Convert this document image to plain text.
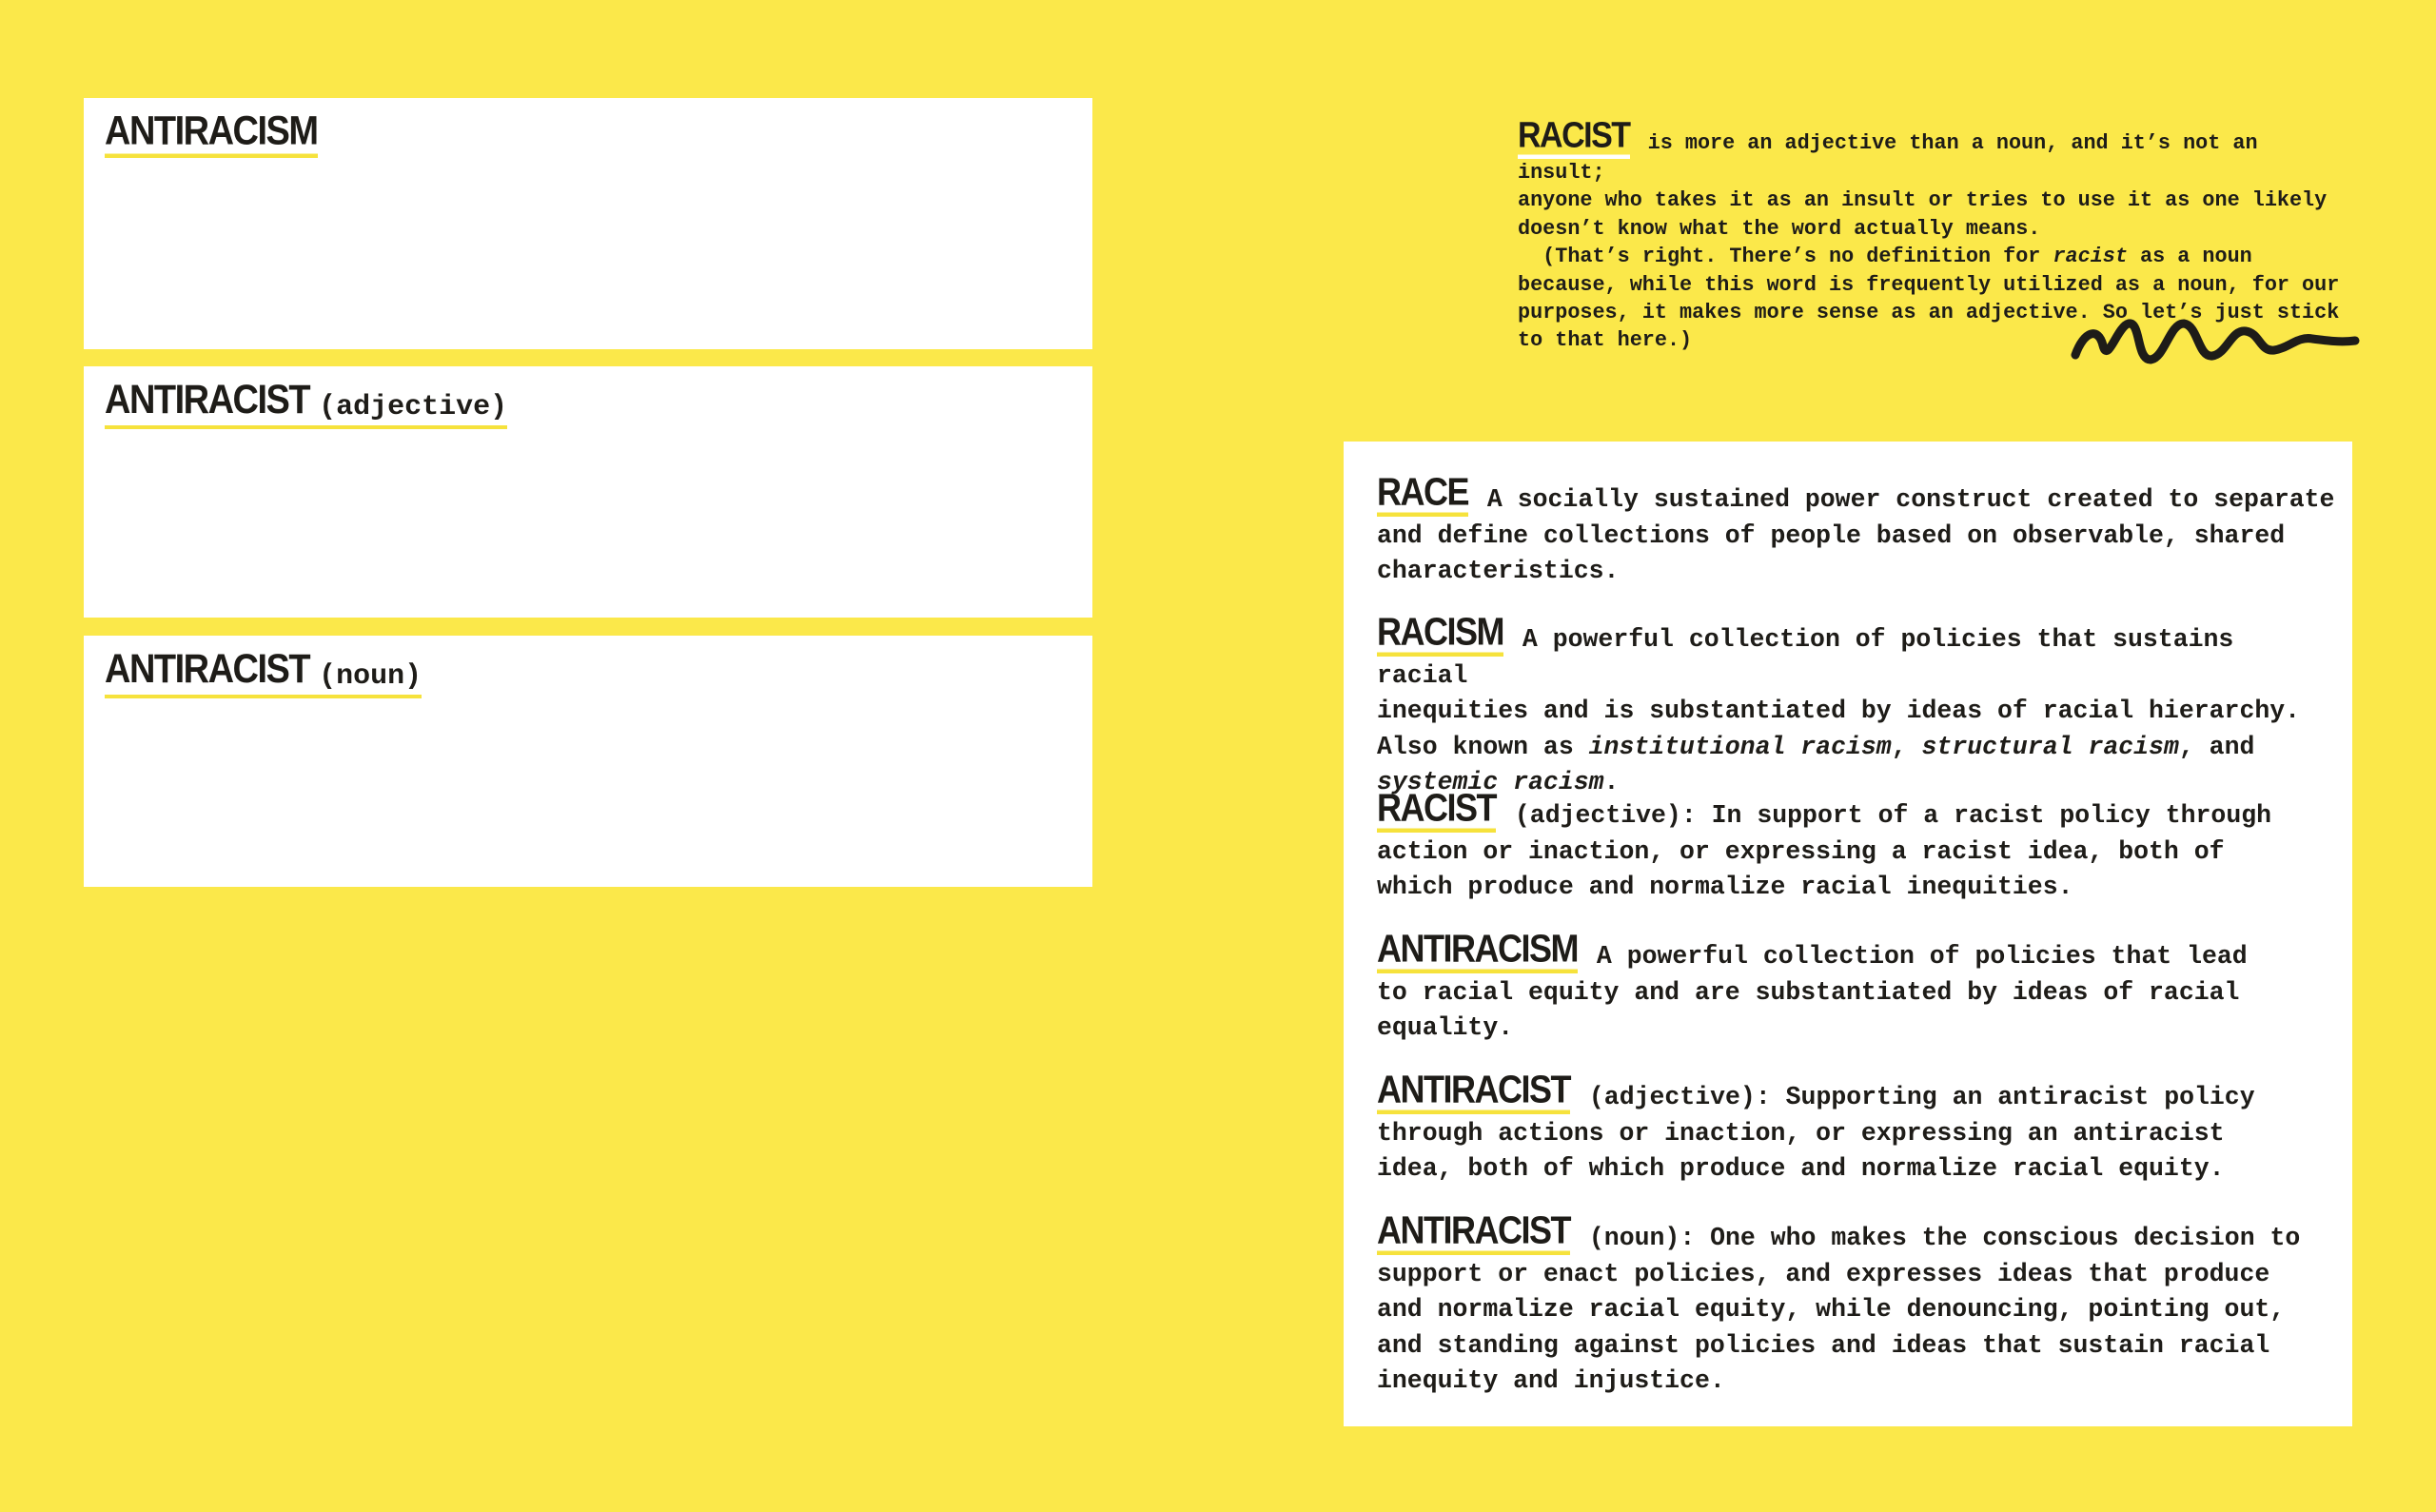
ANTIRACISM
ANTIRACIST (adjective)
ANTIRACIST (noun)
RACIST is more an adjective than a noun, and it’s not an insult;
anyone who takes it as an insult or tries to use it as one likely
doesn’t know what the word actually means.
(That’s right. There’s no definition for racist as a noun
because, while this word is frequently utilized as a noun, for our
purposes, it makes more sense as an adjective. So let’s just stick
to that here.)
RACE A socially sustained power construct created to separate
and define collections of people based on observable, shared
characteristics.
RACISM A powerful collection of policies that sustains racial
inequities and is substantiated by ideas of racial hierarchy.
Also known as institutional racism, structural racism, and
systemic racism.
RACIST (adjective): In support of a racist policy through
action or inaction, or expressing a racist idea, both of
which produce and normalize racial inequities.
ANTIRACISM A powerful collection of policies that lead
to racial equity and are substantiated by ideas of racial
equality.
ANTIRACIST (adjective): Supporting an antiracist policy
through actions or inaction, or expressing an antiracist
idea, both of which produce and normalize racial equity.
ANTIRACIST (noun): One who makes the conscious decision to
support or enact policies, and expresses ideas that produce
and normalize racial equity, while denouncing, pointing out,
and standing against policies and ideas that sustain racial
inequity and injustice.
